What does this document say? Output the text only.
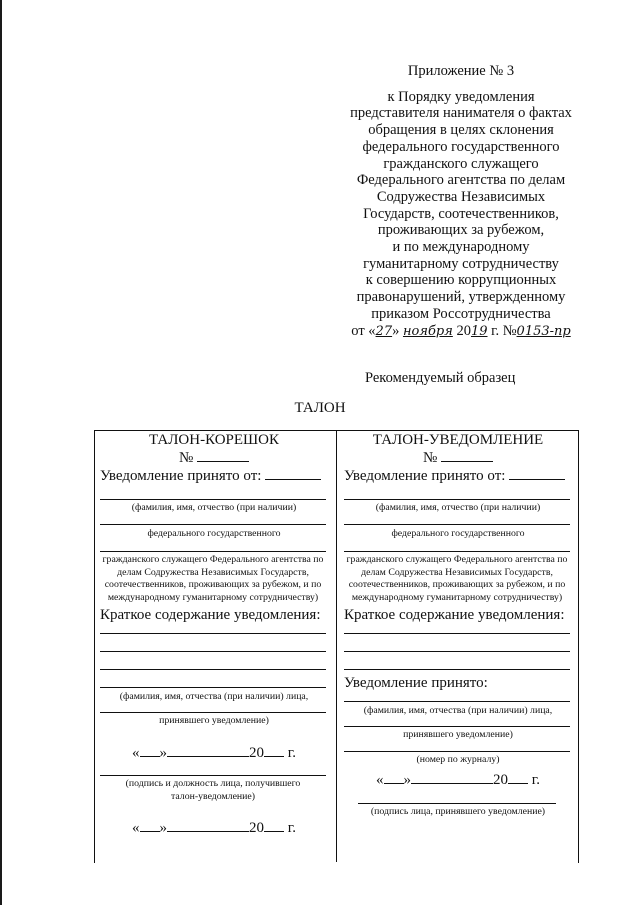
Приложение № 3
к Порядку уведомления
представителя нанимателя о фактах
обращения в целях склонения
федерального государственного
гражданского служащего
Федерального агентства по делам
Содружества Независимых
Государств, соотечественников,
проживающих за рубежом,
и по международному
гуманитарному сотрудничеству
к совершению коррупционных
правонарушений, утвержденному
приказом Россотрудничества
от «27» ноября 2019 г. №0153-пр
Рекомендуемый образец
ТАЛОН
ТАЛОН-КОРЕШОК
№
Уведомление принято от:
(фамилия, имя, отчество (при наличии)
федерального государственного
гражданского служащего Федерального агентства по делам Содружества Независимых Государств, соотечественников, проживающих за рубежом, и по международному гуманитарному сотрудничеству)
Краткое содержание уведомления:
(фамилия, имя, отчества (при наличии) лица,
принявшего уведомление)
« »	20 г.
(подпись и должность лица, получившего талон-уведомление)
« »	20 г.
ТАЛОН-УВЕДОМЛЕНИЕ
№
Уведомление принято от:
(фамилия, имя, отчество (при наличии)
федерального государственного
гражданского служащего Федерального агентства по делам Содружества Независимых Государств, соотечественников, проживающих за рубежом, и по международному гуманитарному сотрудничеству)
Краткое содержание уведомления:
Уведомление принято:
(фамилия, имя, отчества (при наличии) лица,
принявшего уведомление)
(номер по журналу)
« »	20 г.
(подпись лица, принявшего уведомление)
